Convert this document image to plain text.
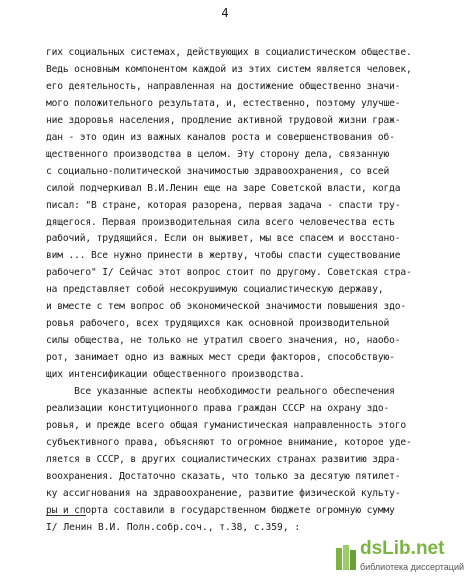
4
гих социальных системах, действующих в социалистическом обществе.
Ведь основным компонентом каждой из этих систем является человек,
его деятельность, направленная на достижение общественно значи-
мого положительного результата, и, естественно, поэтому улучше-
ние здоровья населения, продление активной трудовой жизни граж-
дан - это один из важных каналов роста и совершенствования об-
щественного производства в целом. Эту сторону дела, связанную
с социально-политической значимостью здравоохранения, со всей
силой подчеркивал В.И.Ленин еще на заре Советской власти, когда
писал: "В стране, которая разорена, первая задача - спасти тру-
дящегося. Первая производительная сила всего человечества есть
рабочий, трудящийся. Если он выживет, мы все спасем и восстано-
вим ... Все нужно принести в жертву, чтобы спасти существование
рабочего" I/ Сейчас этот вопрос стоит по другому. Советская стра-
на представляет собой несокрушимую социалистическую державу,
и вместе с тем вопрос об экономической значимости повышения здо-
ровья рабочего, всех трудящихся как основной производительной
силы общества, не только не утратил своего значения, но, наобо-
рот, занимает одно из важных мест среди факторов, способствую-
щих интенсификации общественного производства.
Все указанные аспекты необходимости реального обеспечения
реализации конституционного права граждан СССР на охрану здо-
ровья, и прежде всего общая гуманистическая направленность этого
субъективного права, объясняют то огромное внимание, которое уде-
ляется в СССР, в других социалистических странах развитию здра-
воохранения. Достаточно сказать, что только за десятую пятилет-
ку ассигнования на здравоохранение, развитие физической культу-
ры и спорта составили в государственном бюджете огромную сумму
I/ Ленин В.И. Полн.собр.соч., т.38, с.359, :
dsLib.net
библиотека диссертаций
